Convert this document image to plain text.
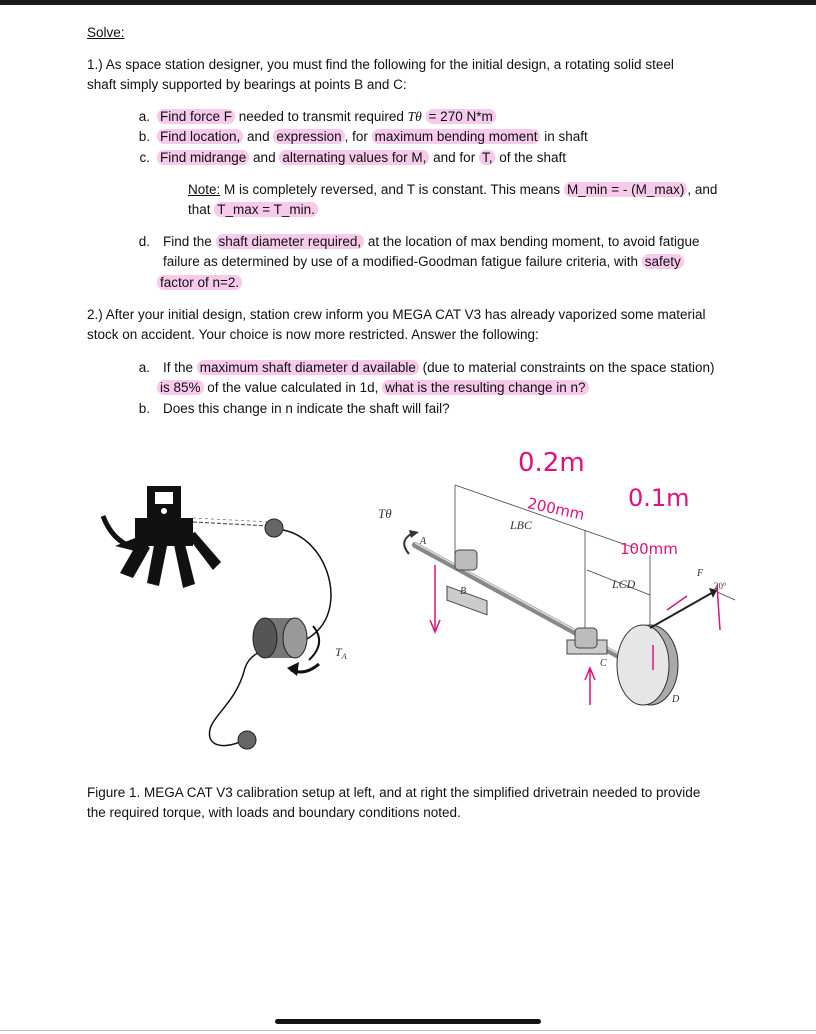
Solve:
1.) As space station designer, you must find the following for the initial design, a rotating solid steel
shaft simply supported by bearings at points B and C:
a. Find force F needed to transmit required Tθ = 270 N*m
b. Find location, and expression , for maximum bending moment in shaft
c. Find midrange and alternating values for M, and for T, of the shaft
Note: M is completely reversed, and T is constant. This means M_min = - (M_max) , and
that T_max = T_min.
d. Find the shaft diameter required, at the location of max bending moment, to avoid fatigue
failure as determined by use of a modified-Goodman fatigue failure criteria, with safety
factor of n=2.
2.) After your initial design, station crew inform you MEGA CAT V3 has already vaporized some material
stock on accident. Your choice is now more restricted. Answer the following:
a. If the maximum shaft diameter d available (due to material constraints on the space station)
is 85% of the value calculated in 1d, what is the resulting change in n?
b. Does this change in n indicate the shaft will fail?
$T_A$
Tθ
LBC
LCD
A
B
C
D
F
20°
0.2m
200mm 0.1m
100mm
Figure 1. MEGA CAT V3 calibration setup at left, and at right the simplified drivetrain needed to provide
the required torque, with loads and boundary conditions noted.
